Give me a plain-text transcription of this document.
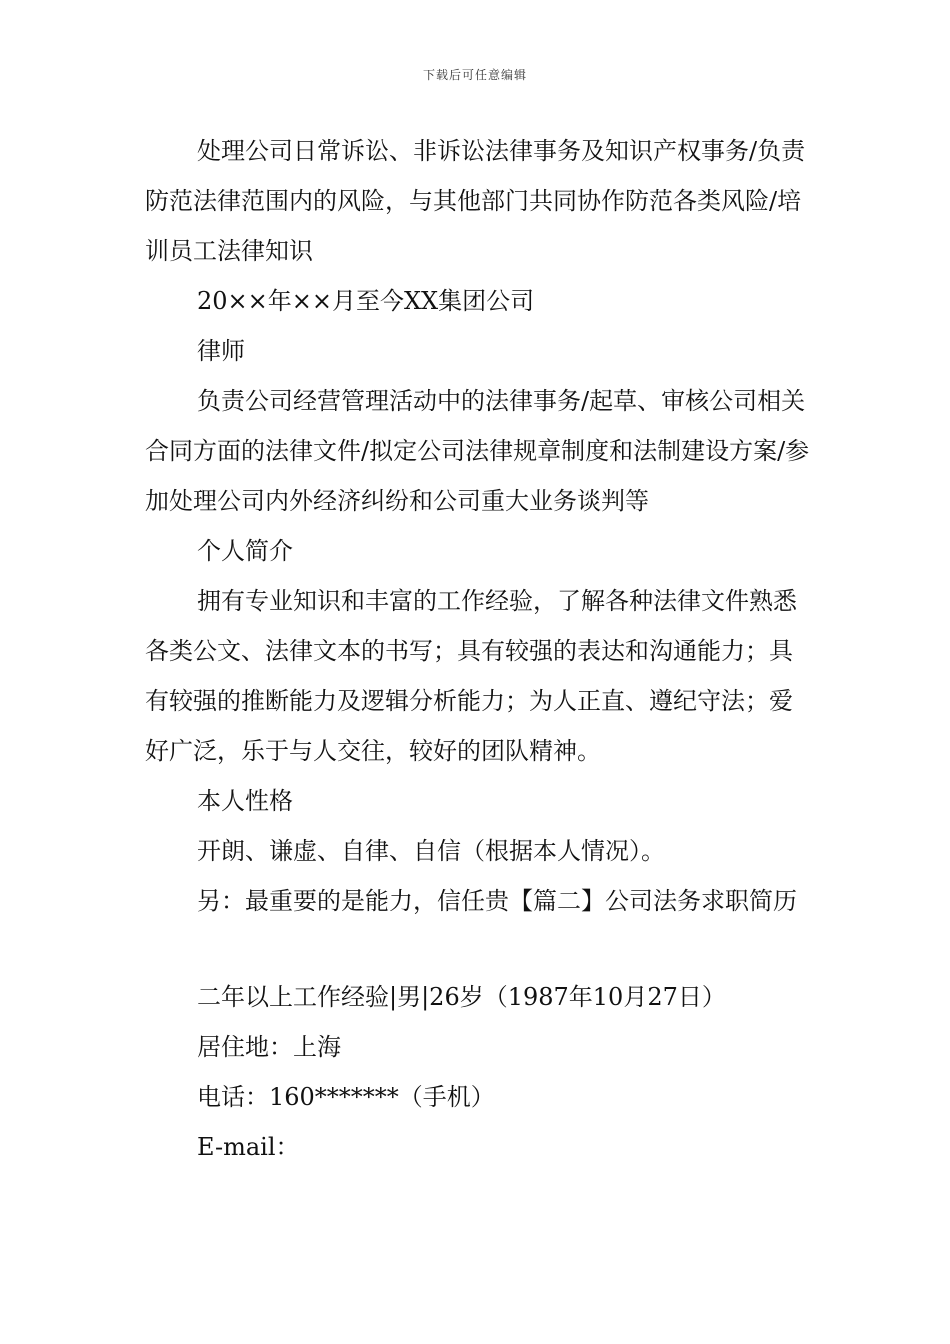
下载后可任意编辑

处理公司日常诉讼、非诉讼法律事务及知识产权事务/负责防范法律范围内的风险，与其他部门共同协作防范各类风险/培训员工法律知识

20××年××月至今XX集团公司

律师

负责公司经营管理活动中的法律事务/起草、审核公司相关合同方面的法律文件/拟定公司法律规章制度和法制建设方案/参加处理公司内外经济纠纷和公司重大业务谈判等

个人简介

拥有专业知识和丰富的工作经验，了解各种法律文件熟悉各类公文、法律文本的书写；具有较强的表达和沟通能力；具有较强的推断能力及逻辑分析能力；为人正直、遵纪守法；爱好广泛，乐于与人交往，较好的团队精神。

本人性格

开朗、谦虚、自律、自信（根据本人情况）。

另：最重要的是能力，信任贵【篇二】公司法务求职简历

二年以上工作经验|男|26岁（1987年10月27日）

居住地：上海

电话：160*******（手机）

E-mail：
